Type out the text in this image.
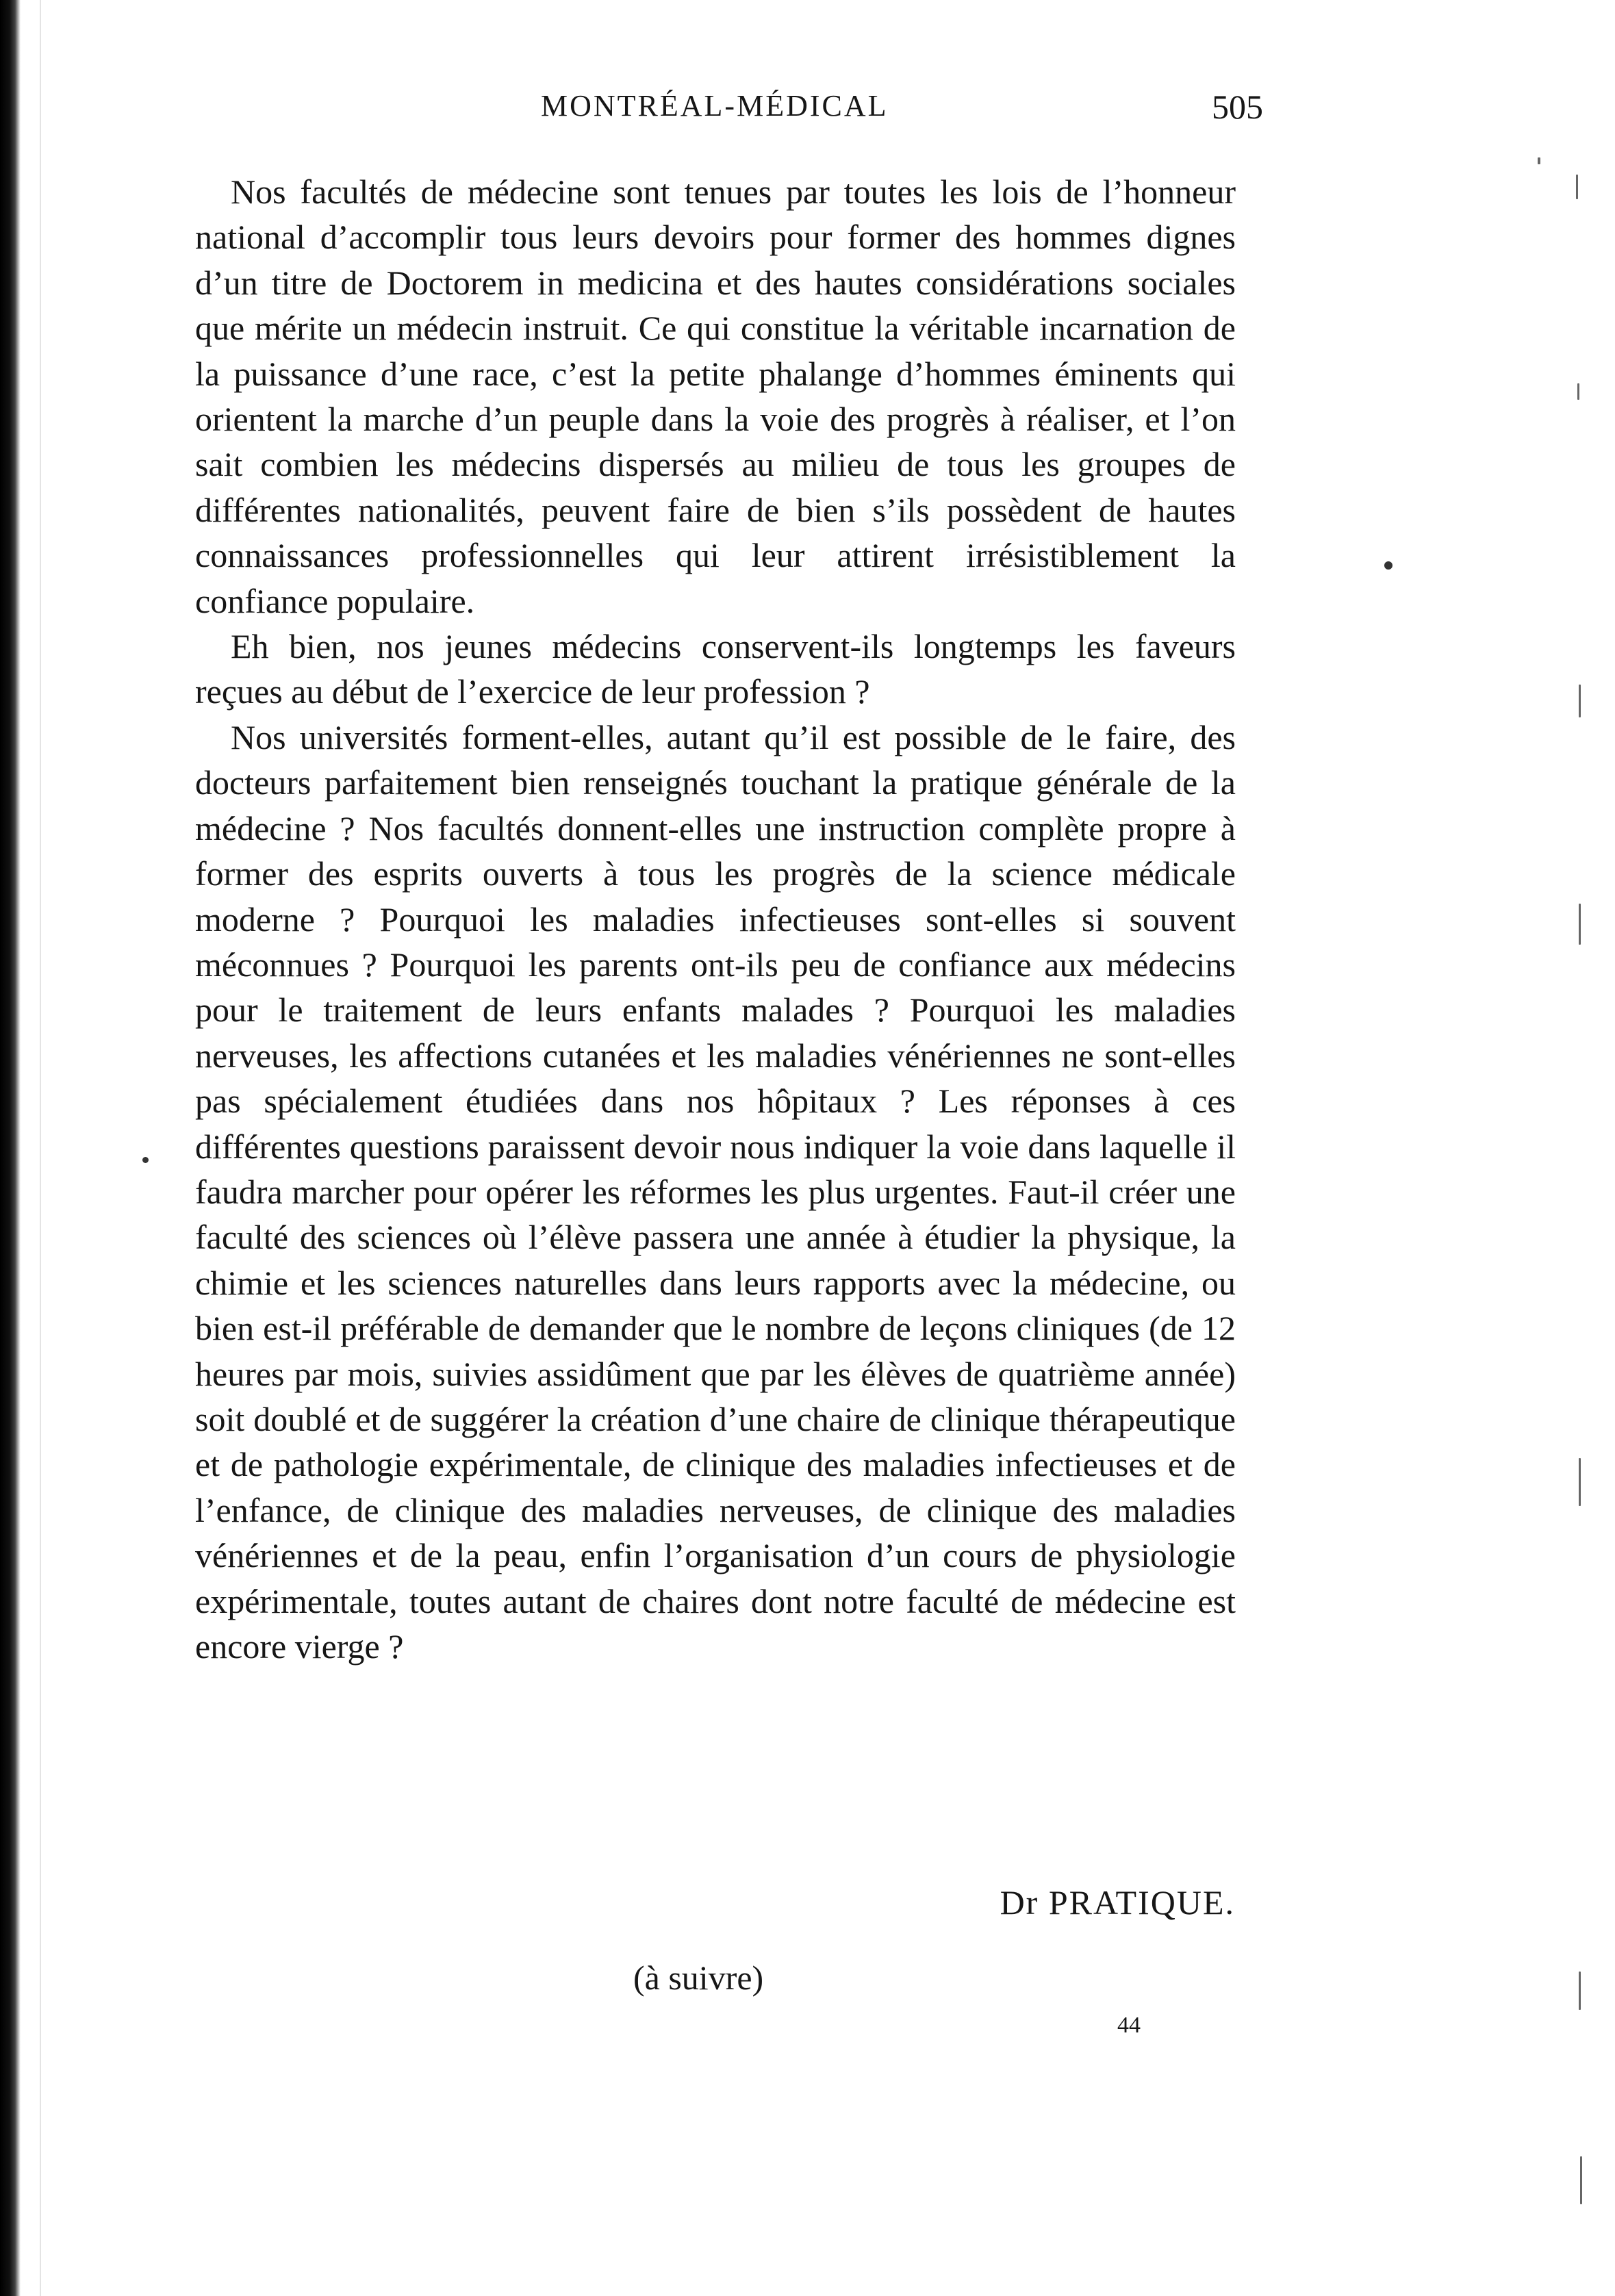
MONTRÉAL-MÉDICAL	505

Nos facultés de médecine sont tenues par toutes les lois de l’honneur national d’accomplir tous leurs devoirs pour former des hommes dignes d’un titre de Doctorem in medicina et des hautes considérations sociales que mérite un médecin instruit. Ce qui constitue la véritable incarnation de la puissance d’une race, c’est la petite phalange d’hommes éminents qui orientent la marche d’un peuple dans la voie des progrès à réaliser, et l’on sait combien les médecins dispersés au milieu de tous les groupes de différentes nationalités, peuvent faire de bien s’ils possèdent de hautes connaissances professionnelles qui leur attirent irrésistiblement la confiance populaire.

Eh bien, nos jeunes médecins conservent-ils longtemps les faveurs reçues au début de l’exercice de leur profession ?

Nos universités forment-elles, autant qu’il est possible de le faire, des docteurs parfaitement bien renseignés touchant la pratique générale de la médecine ? Nos facultés donnent-elles une instruction complète propre à former des esprits ouverts à tous les progrès de la science médicale moderne ? Pourquoi les maladies infectieuses sont-elles si souvent méconnues ? Pourquoi les parents ont-ils peu de confiance aux médecins pour le traitement de leurs enfants malades ? Pourquoi les maladies nerveuses, les affections cutanées et les maladies vénériennes ne sont-elles pas spécialement étudiées dans nos hôpitaux ? Les réponses à ces différentes questions paraissent devoir nous indiquer la voie dans laquelle il faudra marcher pour opérer les réformes les plus urgentes. Faut-il créer une faculté des sciences où l’élève passera une année à étudier la physique, la chimie et les sciences naturelles dans leurs rapports avec la médecine, ou bien est-il préférable de demander que le nombre de leçons cliniques (de 12 heures par mois, suivies assidûment que par les élèves de quatrième année) soit doublé et de suggérer la création d’une chaire de clinique thérapeutique et de pathologie expérimentale, de clinique des maladies infectieuses et de l’enfance, de clinique des maladies nerveuses, de clinique des maladies vénériennes et de la peau, enfin l’organisation d’un cours de physiologie expérimentale, toutes autant de chaires dont notre faculté de médecine est encore vierge ?

Dr PRATIQUE.
(à suivre)
44
